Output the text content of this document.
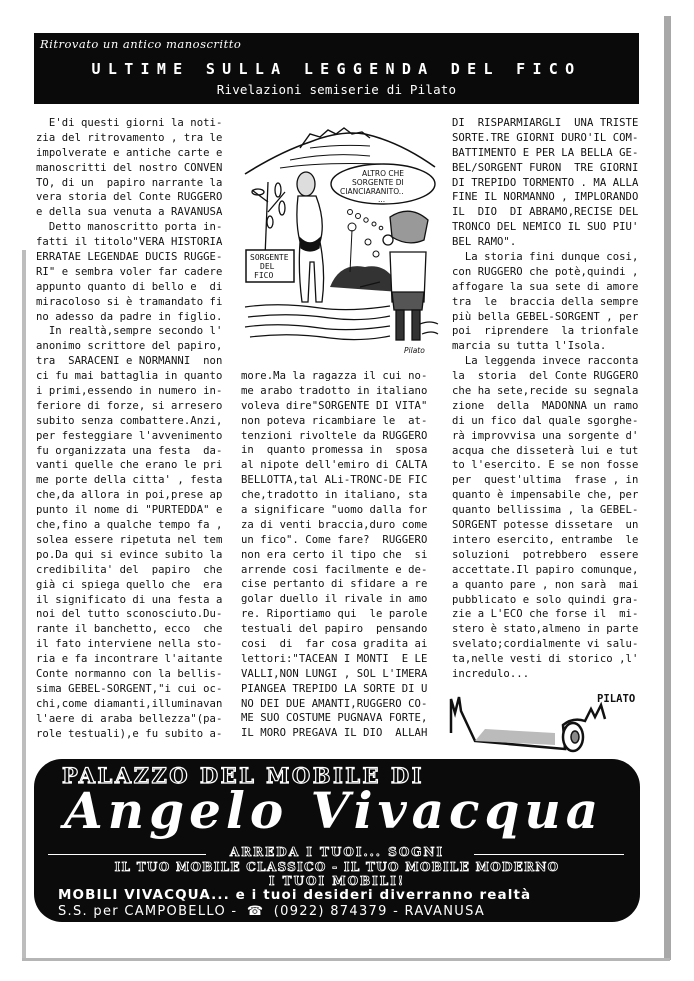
Ritrovato un antico manoscritto
ULTIME SULLA LEGGENDA DEL FICO
Rivelazioni semiserie di Pilato
E'di questi giorni la noti-
zia del ritrovamento , tra le
impolverate e antiche carte e
manoscritti del nostro CONVEN
TO, di un  papiro narrante la
vera storia del Conte RUGGERO
e della sua venuta a RAVANUSA
Detto manoscritto porta in-
fatti il titolo"VERA HISTORIA
ERRATAE LEGENDAE DUCIS RUGGE-
RI" e sembra voler far cadere
appunto quanto di bello e  di
miracoloso si è tramandato fi
no adesso da padre in figlio.
In realtà,sempre secondo l'
anonimo scrittore del papiro,
tra  SARACENI e NORMANNI  non
ci fu mai battaglia in quanto
i primi,essendo in numero in-
feriore di forze, si arresero
subito senza combattere.Anzi,
per festeggiare l'avvenimento
fu organizzata una festa  da-
vanti quelle che erano le pri
me porte della citta' , festa
che,da allora in poi,prese ap
punto il nome di "PURTEDDA" e
che,fino a qualche tempo fa ,
solea essere ripetuta nel tem
po.Da qui si evince subito la
credibilita' del  papiro  che
già ci spiega quello che  era
il significato di una festa a
noi del tutto sconosciuto.Du-
rante il banchetto, ecco  che
il fato interviene nella sto-
ria e fa incontrare l'aitante
Conte normanno con la bellis-
sima GEBEL-SORGENT,"i cui oc-
chi,come diamanti,illuminavan
l'aere di araba bellezza"(pa-
role testuali),e fu subito a-
SORGENTE
DEL
FICO
ALTRO CHE
SORGENTE DI
CIANCIARANITO..
...
Pilato
more.Ma la ragazza il cui no-
me arabo tradotto in italiano
voleva dire"SORGENTE DI VITA"
non poteva ricambiare le  at-
tenzioni rivoltele da RUGGERO
in  quanto promessa in  sposa
al nipote dell'emiro di CALTA
BELLOTTA,tal ALi-TRONC-DE FIC
che,tradotto in italiano, sta
a significare "uomo dalla for
za di venti braccia,duro come
un fico". Come fare?  RUGGERO
non era certo il tipo che  si
arrende cosi facilmente e de-
cise pertanto di sfidare a re
golar duello il rivale in amo
re. Riportiamo qui  le parole
testuali del papiro  pensando
cosi  di  far cosa gradita ai
lettori:"TACEAN I MONTI  E LE
VALLI,NON LUNGI , SOL L'IMERA
PIANGEA TREPIDO LA SORTE DI U
NO DEI DUE AMANTI,RUGGERO CO-
ME SUO COSTUME PUGNAVA FORTE,
IL MORO PREGAVA IL DIO  ALLAH
DI  RISPARMIARGLI  UNA TRISTE
SORTE.TRE GIORNI DURO'IL COM-
BATTIMENTO E PER LA BELLA GE-
BEL/SORGENT FURON  TRE GIORNI
DI TREPIDO TORMENTO . MA ALLA
FINE IL NORMANNO , IMPLORANDO
IL  DIO  DI ABRAMO,RECISE DEL
TRONCO DEL NEMICO IL SUO PIU'
BEL RAMO".
La storia fini dunque cosi,
con RUGGERO che potè,quindi ,
affogare la sua sete di amore
tra  le  braccia della sempre
più bella GEBEL-SORGENT , per
poi  riprendere  la trionfale
marcia su tutta l'Isola.
La leggenda invece racconta
la  storia  del Conte RUGGERO
che ha sete,recide su segnala
zione  della  MADONNA un ramo
di un fico dal quale sgorghe-
rà improvvisa una sorgente d'
acqua che disseterà lui e tut
to l'esercito. E se non fosse
per  quest'ultima  frase , in
quanto è impensabile che, per
quanto bellissima , la GEBEL-
SORGENT potesse dissetare  un
intero esercito, entrambe  le
soluzioni  potrebbero  essere
accettate.Il papiro comunque,
a quanto pare , non sarà  mai
pubblicato e solo quindi gra-
zie a L'ECO che forse il  mi-
stero è stato,almeno in parte
svelato;cordialmente vi salu-
ta,nelle vesti di storico ,l'
incredulo...
PILATO
PALAZZO DEL MOBILE DI
Angelo Vivacqua
ARREDA I TUOI... SOGNI
IL TUO MOBILE CLASSICO - IL TUO MOBILE MODERNO
I TUOI MOBILI!
MOBILI VIVACQUA... e i tuoi desideri diverranno realtà
S.S. per CAMPOBELLO - ☎ (0922) 874379 - RAVANUSA
